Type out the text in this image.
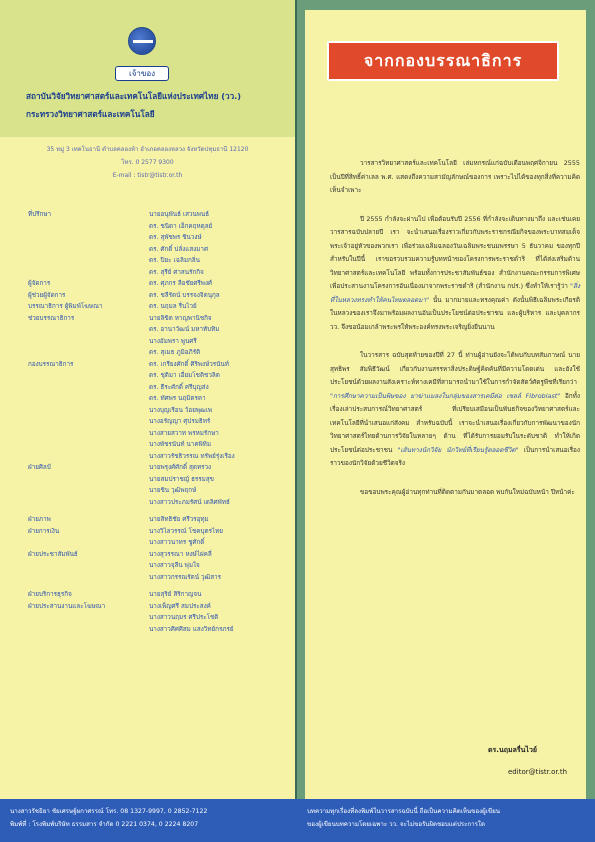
เจ้าของ
สถาบันวิจัยวิทยาศาสตร์และเทคโนโลยีแห่งประเทศไทย (วว.)
กระทรวงวิทยาศาสตร์และเทคโนโลยี
35 หมู่ 3 เทคโนธานี ตำบลคลองห้า อำเภอคลองหลวง จังหวัดปทุมธานี 12120
โทร. 0 2577 9300
E-mail : tistr@tistr.or.th
ที่ปรึกษา	นายอนุพันธ์ เสวนพนธ์
ดร. ชนิดา เอ็กคฤหดุลย์
ดร. สุพัชพร ชินวงษ์
ดร. ศักดิ์ ปลั่งแสงมาศ
ดร. ปิยะ เฉลิมกลิ่น
ดร. สุรีย์ ศาสนรักกิจ
ผู้จัดการ	ดร. ศุภกร ลือชัยศรีพงศ์
ผู้ช่วยผู้จัดการ	ดร. ชลีรัตน์ บรรจงจิตนุกุล
บรรณาธิการ ผู้พิมพ์โฆษณา	ดร. นฤมล รื่นไวย์
ช่วยบรรณาธิการ	นายลิขิต หาญพานิชกิจ
ดร. อานาวัฒน์ มหาทับทิม
นางอัมพรา พูนศรี
ดร. สุเมธ ภูมิอภิรัติ
กองบรรณาธิการ	ดร. เกรียงศักดิ์ ศิริพงษ์วรนันท์
ดร. ชุติมา เอี่ยมโชติชวลิต
ดร. ธีระศักดิ์ ศรีบุญส่ง
ดร. ทัศพร นฤมิตรคา
นางบุญเรือน ว้อยพุฒเพ
นางอรัญญา ศุปรมธิทร์
นางสายสวาท พรหมรักษา
นางพัชรนันท์ นาคพิทิม
นางสาวรัชธิวรรณ ทรัพย์รุ่งเรือง
ฝ่ายศิลป์	นายพรุงศ์ศักดิ์ สุดทรวง
นายสมปราชญ์ ธรรมสุข
นายชิน วุฒิพฤกษ์
นางสาวประภมรัศน์ เดลิศพัทธ์
ฝ่ายภาพ	นายสิทธิชัย ศรีวรอุทุม
ฝ่ายการเงิน	นางวิไลวรรณ์ โชคบุตรไทย
นางสาวนาทร ชูศักดิ์
ฝ่ายประชาสัมพันธ์	นางสุวรรณา หงษ์ไผ่คลี่
นางสาวจุลีน พุ่มใจ
นางสาวกรรณรัตน์ วุฒิสาร
ฝ่ายบริการธุรกิจ	นายสุริย์ สิริกาญจน
ฝ่ายประสานงานและโฆษณา	นางเพ็ญศรี สมประสงค์
นางสาวนฤมร ศรีประโชติ
นางสาวศิศศิสม แสงวิทย์กรภรย์
นางสาวรัชธิยา ชัยเศรษฐ์ผกาศรรณ์ โทร. 08 1327-9997, 0 2852-7122
พิมพ์ที่ : โรงพิมพ์บริษัท ธรรมสาร จำกัด 0 2221 0374, 0 2224 8207
จากกองบรรณาธิการ

วารสารวิทยาศาสตร์และเทคโนโลยี เล่มหกรณ์แก่ฉบับเดือนพฤศจิกายน 2555 เป็นปีที่สิทธิ์ค่าเลล พ.ศ. แสดงถึงความสามัญลักษณ์ของการ เพราะไปได้ของทุกสิ่งที่ความคิดเห็นจำเพาะ

ปี 2555 กำลังจะผ่านไป เพื่อต้อนรับปี 2556 ที่กำลังจะเดินทางมาถึง และเช่นเคย วารสารฉบับปลายปี เรา จะนำเสนอเรื่องราวเกี่ยวกับพระราชกรณียกิจของพระบาทสมเด็จพระเจ้าอยู่หัวของพวกเรา เพื่อร่วมเฉลิมฉลองวันเฉลิมพระชนมพรรษา 5 ธันวาคม ของทุกปี สำหรับในปีนี้ เราขอรวบรวมความรู้บทหน้าของโครงการพระราชดำริ ที่ได้ส่งเสริมด้านวิทยาศาสตร์และเทคโนโลยี พร้อมทั้งการประชาสัมพันธ์ของ สำนักงานคณะกรรมการพิเศษเพื่อประสานงานโครงการอันเนื่องมาจากพระราชดำริ (สำนักงาน กปร.) ซึ่งทำให้เรารู้ว่า "สิ่งที่ในหลวงทรงทำให้คนไทยตลอดมา" นั้น มากมายและทรงคุณค่า ดังนั้นพิธีเฉลิมพระเกียรติในหลวงของเราจึงมาพร้อมผลงานอันเป็นประโยชน์ต่อประชาชน และผู้บริหาร และบุคลากร วว. จึงขอน้อมเกล้าพระพรให้พระองค์ทรงพระเจริญยิ่งยืนนาน

ในวารสาร ฉบับสุดท้ายของปีที่ 27 นี้ ท่านผู้อ่านยังจะได้พบกับบทสัมภาษณ์ นายสุทธิพร สัมพิธีวัฒน์ เกี่ยวกับงานสรรหาสิ่งประดิษฐ์คิดค้นที่มีความโดดเด่น และยังใช้ประโยชน์ด้วยผลงานสังเคราะห์ทางเคมีที่สามารถนำมาใช้ในการกำจัดสัตว์ศัตรูพืชที่เรียกว่า "การศึกษาความเป็นพิษของ ยาฆ่าแมลงในกลุ่มของสารเคมีต่อ เซลล์ Fibroblast" อีกทั้งเรื่องเล่าประสบการณ์วิทยาศาสตร์ ที่เปรียบเสมือนเป็นพันธกิจของวิทยาศาสตร์และเทคโนโลยีที่นำเสนอแก่สังคม สำหรับฉบับนี้ เราจะนำเสนอเรื่องเกี่ยวกับการพัฒนาของนักวิทยาศาสตร์ไทยด้านการวิจัยในหลายๆ ด้าน ที่ได้รับการยอมรับในระดับชาติ ทำให้เกิดประโยชน์ต่อประชาชน "เส้นทางนักวิจัย นักวิทย์ที่เรียนรู้ตลอดชีวิต" เป็นการนำเสนอเรื่องราวของนักวิจัยด้วยชีวิตจริง

ขอขอบพระคุณผู้อ่านทุกท่านที่ติดตามกันมาตลอด พบกันใหม่ฉบับหน้า ปีหน้าค่ะ

ดร.นฤมลรื่นไวย์
editor@tistr.or.th
บทความทุกเรื่องที่ลงพิมพ์ในวารสารฉบับนี้ ถือเป็นความคิดเห็นของผู้เขียน
ของผู้เขียนบทความโดยเฉพาะ วว. จะไม่ขอรับผิดชอบแต่ประการใด
